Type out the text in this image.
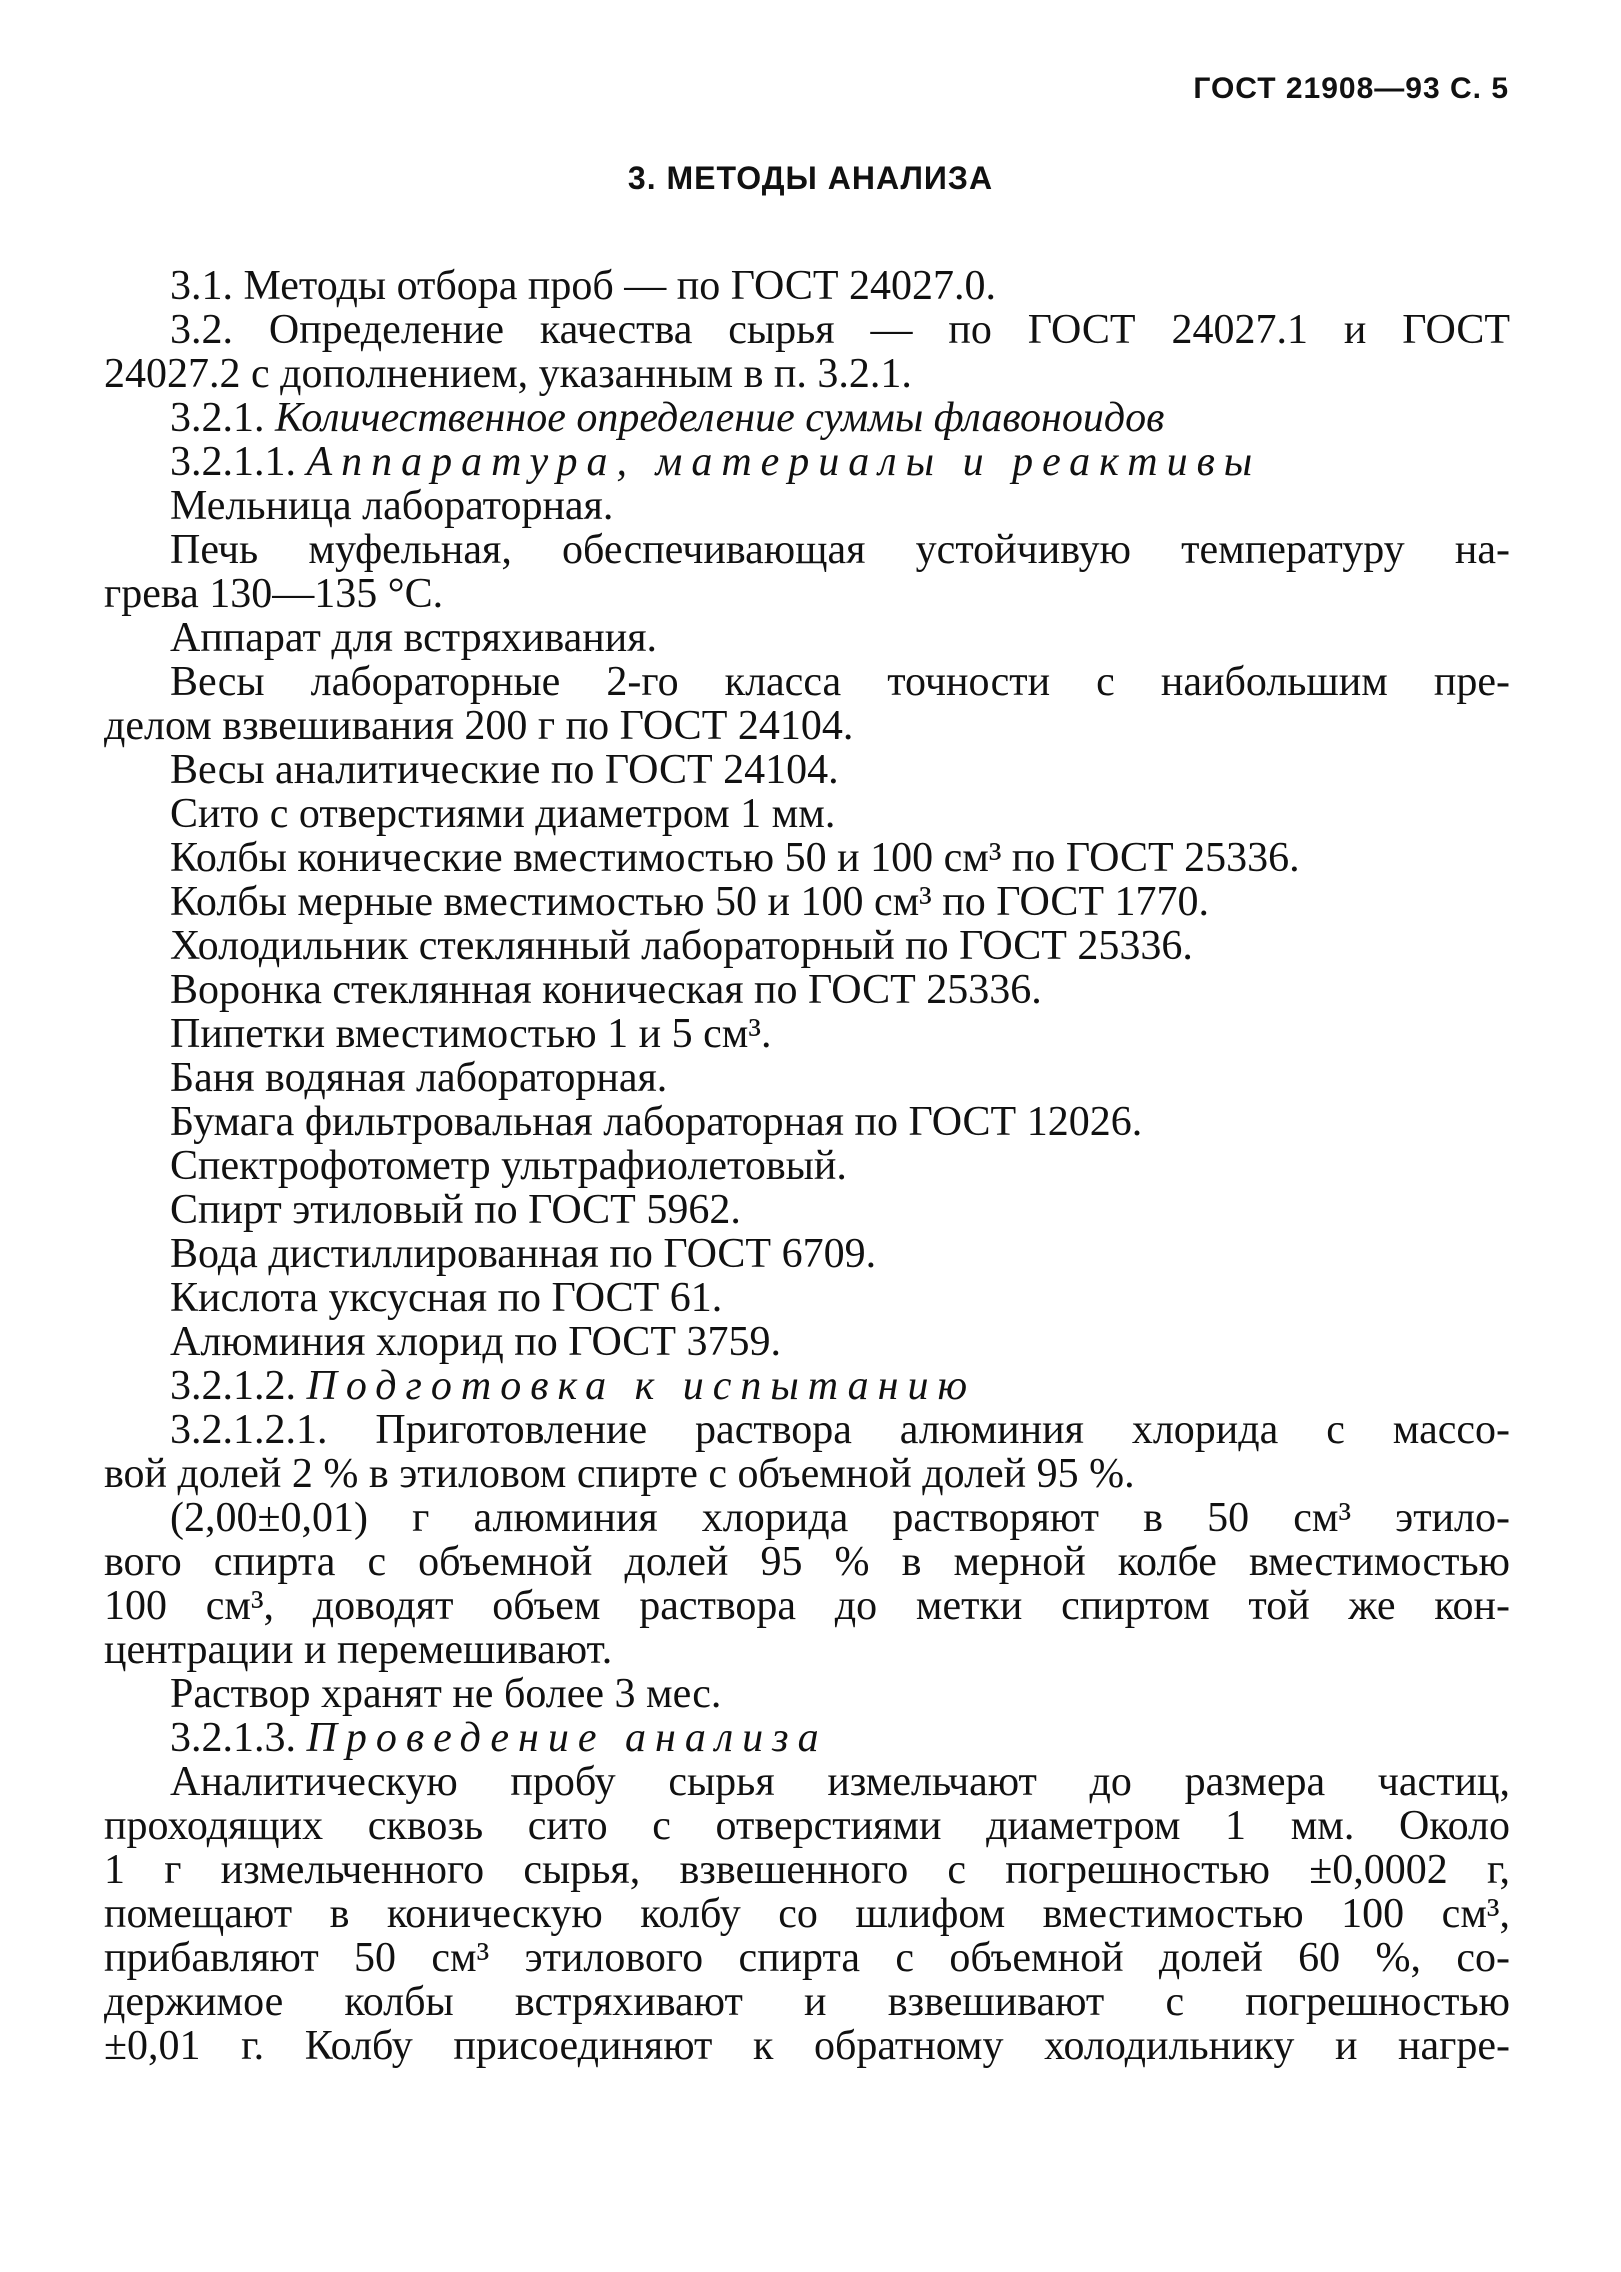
ГОСТ 21908—93 С. 5
3. МЕТОДЫ АНАЛИЗА
3.1. Методы отбора проб — по ГОСТ 24027.0.
3.2. Определение качества сырья — по ГОСТ 24027.1 и ГОСТ
24027.2 с дополнением, указанным в п. 3.2.1.
3.2.1. Количественное определение суммы флавоноидов
3.2.1.1. Аппаратура, материалы и реактивы
Мельница лабораторная.
Печь муфельная, обеспечивающая устойчивую температуру на-
грева 130—135 °С.
Аппарат для встряхивания.
Весы лабораторные 2-го класса точности с наибольшим пре-
делом взвешивания 200 г по ГОСТ 24104.
Весы аналитические по ГОСТ 24104.
Сито с отверстиями диаметром 1 мм.
Колбы конические вместимостью 50 и 100 см³ по ГОСТ 25336.
Колбы мерные вместимостью 50 и 100 см³ по ГОСТ 1770.
Холодильник стеклянный лабораторный по ГОСТ 25336.
Воронка стеклянная коническая по ГОСТ 25336.
Пипетки вместимостью 1 и 5 см³.
Баня водяная лабораторная.
Бумага фильтровальная лабораторная по ГОСТ 12026.
Спектрофотометр ультрафиолетовый.
Спирт этиловый по ГОСТ 5962.
Вода дистиллированная по ГОСТ 6709.
Кислота уксусная по ГОСТ 61.
Алюминия хлорид по ГОСТ 3759.
3.2.1.2. Подготовка к испытанию
3.2.1.2.1. Приготовление раствора алюминия хлорида с массо-
вой долей 2 % в этиловом спирте с объемной долей 95 %.
(2,00±0,01) г алюминия хлорида растворяют в 50 см³ этило-
вого спирта с объемной долей 95 % в мерной колбе вместимостью
100 см³, доводят объем раствора до метки спиртом той же кон-
центрации и перемешивают.
Раствор хранят не более 3 мес.
3.2.1.3. Проведение анализа
Аналитическую пробу сырья измельчают до размера частиц,
проходящих сквозь сито с отверстиями диаметром 1 мм. Около
1 г измельченного сырья, взвешенного с погрешностью ±0,0002 г,
помещают в коническую колбу со шлифом вместимостью 100 см³,
прибавляют 50 см³ этилового спирта с объемной долей 60 %, со-
держимое колбы встряхивают и взвешивают с погрешностью
±0,01 г. Колбу присоединяют к обратному холодильнику и нагре-
